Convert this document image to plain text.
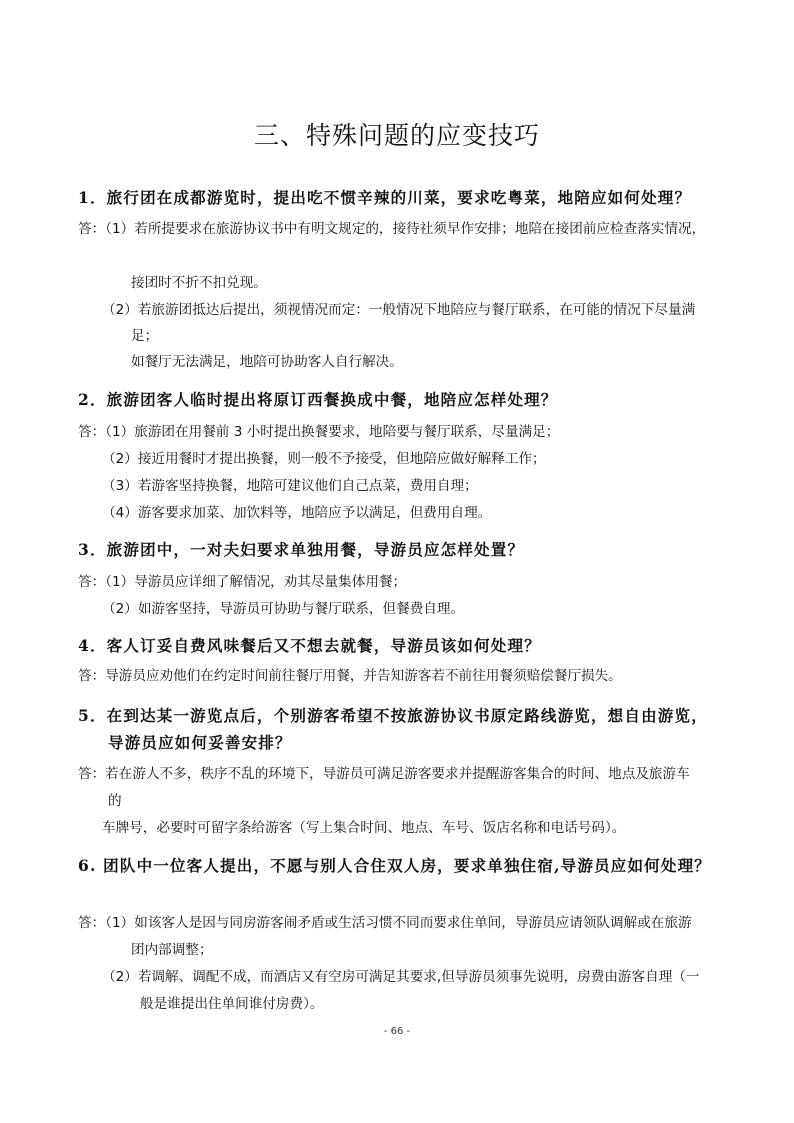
三、特殊问题的应变技巧
1．旅行团在成都游览时，提出吃不惯辛辣的川菜，要求吃粤菜，地陪应如何处理？
答：（1）若所提要求在旅游协议书中有明文规定的，接待社须早作安排；地陪在接团前应检查落实情况，
接团时不折不扣兑现。
（2）若旅游团抵达后提出，须视情况而定：一般情况下地陪应与餐厅联系，在可能的情况下尽量满
足；
如餐厅无法满足，地陪可协助客人自行解决。
2．旅游团客人临时提出将原订西餐换成中餐，地陪应怎样处理？
答：（1）旅游团在用餐前 3 小时提出换餐要求，地陪要与餐厅联系，尽量满足；
（2）接近用餐时才提出换餐，则一般不予接受，但地陪应做好解释工作；
（3）若游客坚持换餐，地陪可建议他们自己点菜，费用自理；
（4）游客要求加菜、加饮料等，地陪应予以满足，但费用自理。
3．旅游团中，一对夫妇要求单独用餐，导游员应怎样处置？
答：（1）导游员应详细了解情况，劝其尽量集体用餐；
（2）如游客坚持，导游员可协助与餐厅联系，但餐费自理。
4．客人订妥自费风味餐后又不想去就餐，导游员该如何处理？
答：导游员应劝他们在约定时间前往餐厅用餐，并告知游客若不前往用餐须赔偿餐厅损失。
5．在到达某一游览点后，个别游客希望不按旅游协议书原定路线游览，想自由游览，
导游员应如何妥善安排？
答：若在游人不多，秩序不乱的环境下，导游员可满足游客要求并提醒游客集合的时间、地点及旅游车
的
车牌号，必要时可留字条给游客（写上集合时间、地点、车号、饭店名称和电话号码）。
6. 团队中一位客人提出，不愿与别人合住双人房，要求单独住宿,导游员应如何处理？
答：（1）如该客人是因与同房游客闹矛盾或生活习惯不同而要求住单间，导游员应请领队调解或在旅游
团内部调整；
（2）若调解、调配不成，而酒店又有空房可满足其要求,但导游员须事先说明，房费由游客自理（一
般是谁提出住单间谁付房费）。
- 66 -
